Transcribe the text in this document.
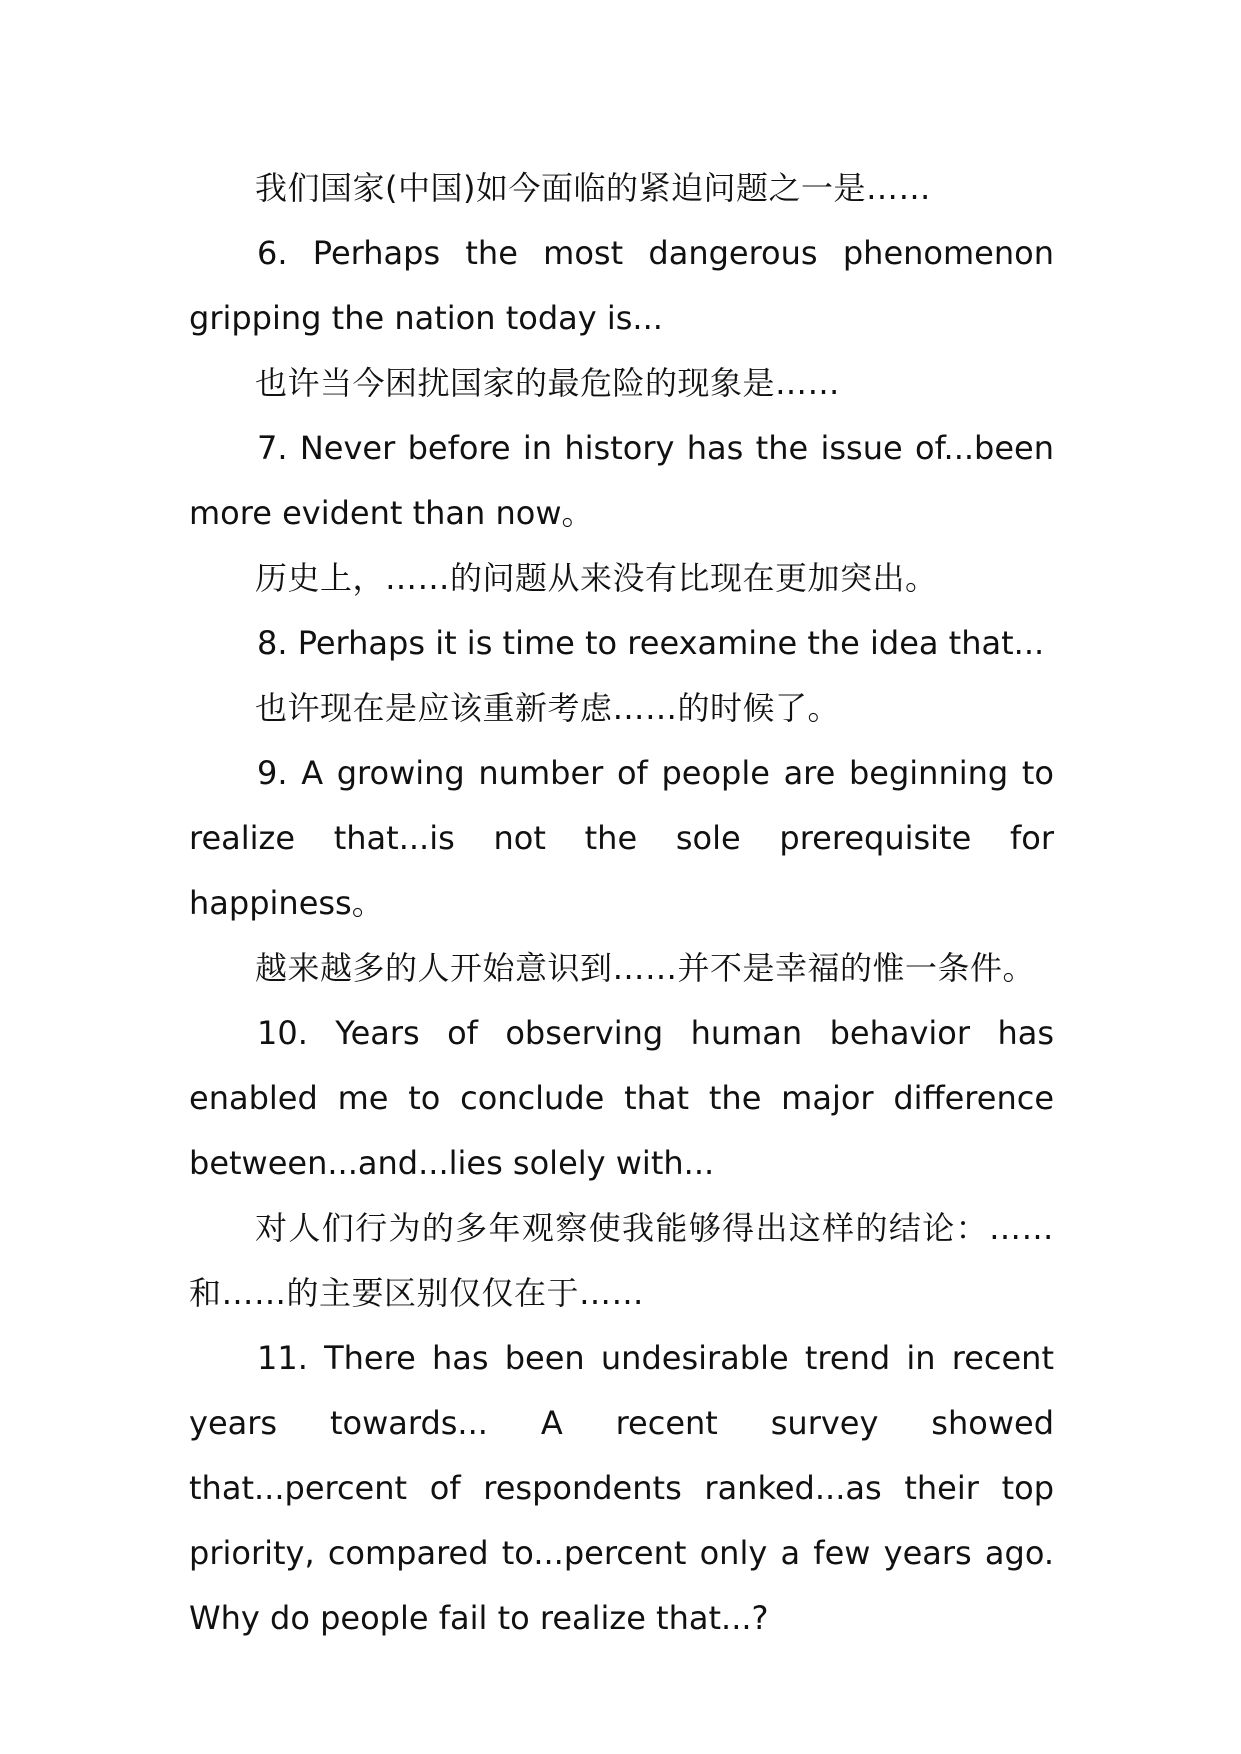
我们国家(中国)如今面临的紧迫问题之一是……

6. Perhaps the most dangerous phenomenon gripping the nation today is...

也许当今困扰国家的最危险的现象是……

7. Never before in history has the issue of...been more evident than now。

历史上，……的问题从来没有比现在更加突出。

8. Perhaps it is time to reexamine the idea that...

也许现在是应该重新考虑……的时候了。

9. A growing number of people are beginning to realize that...is not the sole prerequisite for happiness。

越来越多的人开始意识到……并不是幸福的惟一条件。

10. Years of observing human behavior has enabled me to conclude that the major difference between...and...lies solely with...

对人们行为的多年观察使我能够得出这样的结论：……和……的主要区别仅仅在于……

11. There has been undesirable trend in recent years towards... A recent survey showed that...percent of respondents ranked...as their top priority, compared to...percent only a few years ago. Why do people fail to realize that...?
